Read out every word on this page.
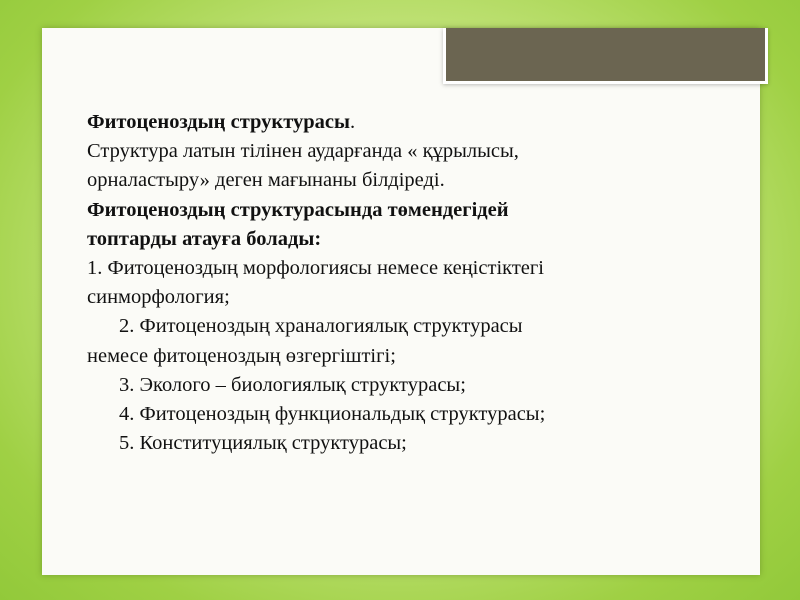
Фитоценоздың структурасы.

Структура латын тілінен аударғанда « құрылысы,

орналастыру» деген мағынаны білдіреді.

Фитоценоздың структурасында төмендегідей

топтарды атауға болады:

1. Фитоценоздың морфологиясы немесе кеңістіктегі

синморфология;

2. Фитоценоздың храналогиялық структурасы

немесе фитоценоздың өзгергіштігі;

3. Эколого – биологиялық структурасы;

4. Фитоценоздың функциональдық структурасы;

5. Конституциялық структурасы;
